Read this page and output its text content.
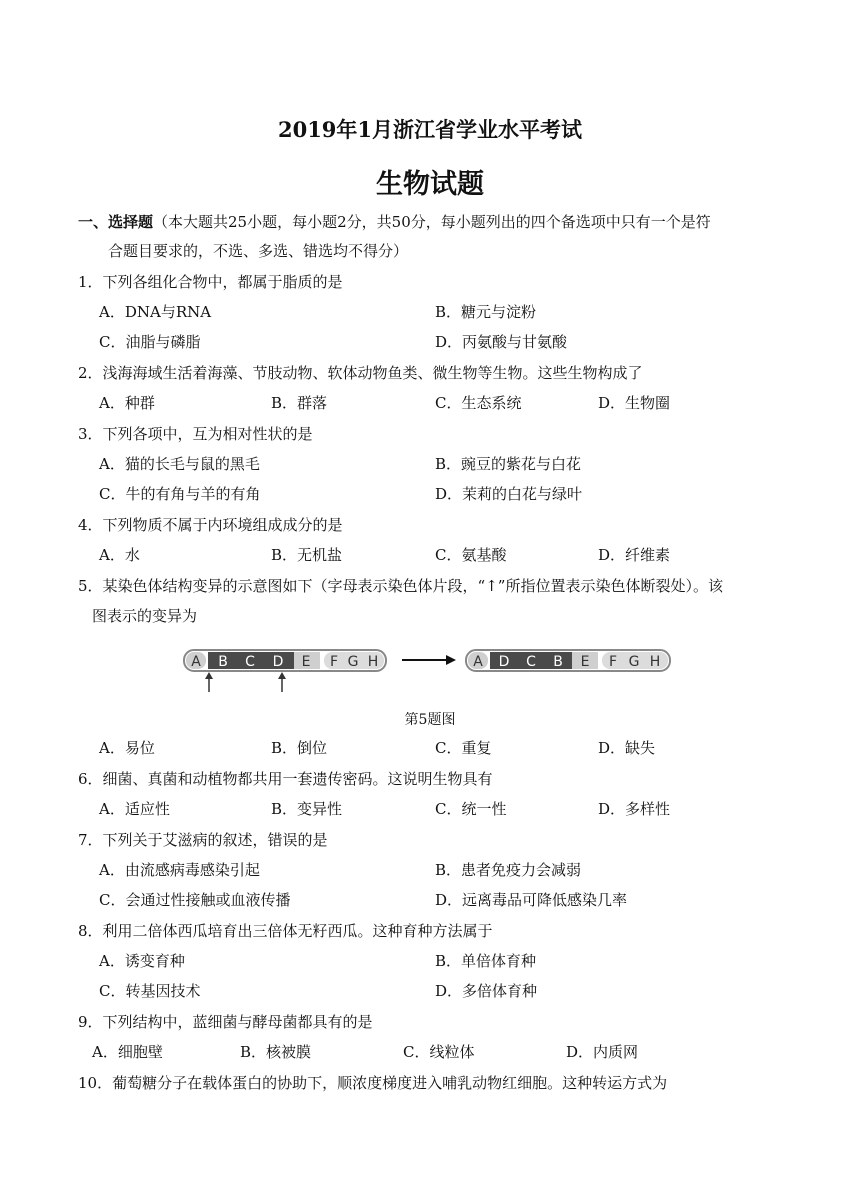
2019年1月浙江省学业水平考试
生物试题
一、选择题（本大题共25小题，每小题2分，共50分，每小题列出的四个备选项中只有一个是符
合题目要求的，不选、多选、错选均不得分）
1．下列各组化合物中，都属于脂质的是
A．DNA与RNA	B．糖元与淀粉
C．油脂与磷脂	D．丙氨酸与甘氨酸
2．浅海海域生活着海藻、节肢动物、软体动物鱼类、微生物等生物。这些生物构成了
A．种群	B．群落	C．生态系统	D．生物圈
3．下列各项中，互为相对性状的是
A．猫的长毛与鼠的黑毛	B．豌豆的紫花与白花
C．牛的有角与羊的有角	D．茉莉的白花与绿叶
4．下列物质不属于内环境组成成分的是
A．水	B．无机盐	C．氨基酸	D．纤维素
5．某染色体结构变异的示意图如下（字母表示染色体片段，“↑”所指位置表示染色体断裂处）。该
图表示的变异为
A B C D E F G H	A D C B E F G H
第5题图
A．易位	B．倒位	C．重复	D．缺失
6．细菌、真菌和动植物都共用一套遗传密码。这说明生物具有
A．适应性	B．变异性	C．统一性	D．多样性
7．下列关于艾滋病的叙述，错误的是
A．由流感病毒感染引起	B．患者免疫力会减弱
C．会通过性接触或血液传播	D．远离毒品可降低感染几率
8．利用二倍体西瓜培育出三倍体无籽西瓜。这种育种方法属于
A．诱变育种	B．单倍体育种
C．转基因技术	D．多倍体育种
9．下列结构中，蓝细菌与酵母菌都具有的是
A．细胞壁	B．核被膜	C．线粒体	D．内质网
10．葡萄糖分子在载体蛋白的协助下，顺浓度梯度进入哺乳动物红细胞。这种转运方式为
